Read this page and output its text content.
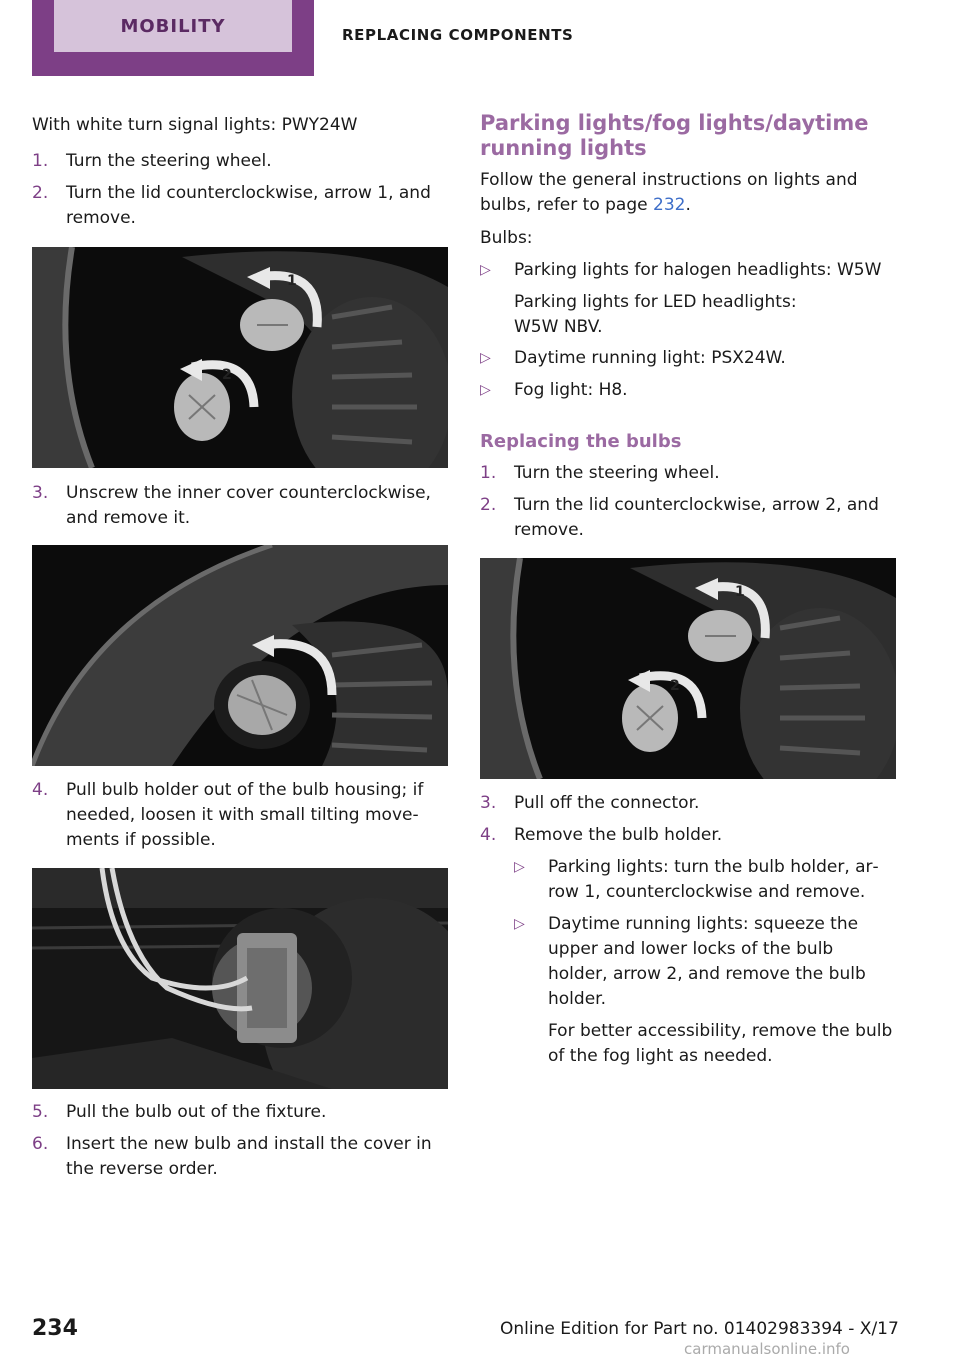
MOBILITY	REPLACING COMPONENTS
With white turn signal lights: PWY24W
1. Turn the steering wheel.
2. Turn the lid counterclockwise, arrow 1, and remove.
1
2
3. Unscrew the inner cover counterclockwise, and remove it.
4. Pull bulb holder out of the bulb housing; if needed, loosen it with small tilting move‐ments if possible.
5. Pull the bulb out of the fixture.
6. Insert the new bulb and install the cover in the reverse order.
Parking lights/fog lights/daytime running lights
Follow the general instructions on lights and bulbs, refer to page 232.
Bulbs:
▷ Parking lights for halogen headlights: W5W
Parking lights for LED headlights: W5W NBV.
▷ Daytime running light: PSX24W.
▷ Fog light: H8.
Replacing the bulbs
1. Turn the steering wheel.
2. Turn the lid counterclockwise, arrow 2, and remove.
1
2
3. Pull off the connector.
4. Remove the bulb holder.
▷ Parking lights: turn the bulb holder, ar‐row 1, counterclockwise and remove.
▷ Daytime running lights: squeeze the upper and lower locks of the bulb holder, arrow 2, and remove the bulb holder.
For better accessibility, remove the bulb of the fog light as needed.
234	Online Edition for Part no. 01402983394 - X/17
carmanualsonline.info
